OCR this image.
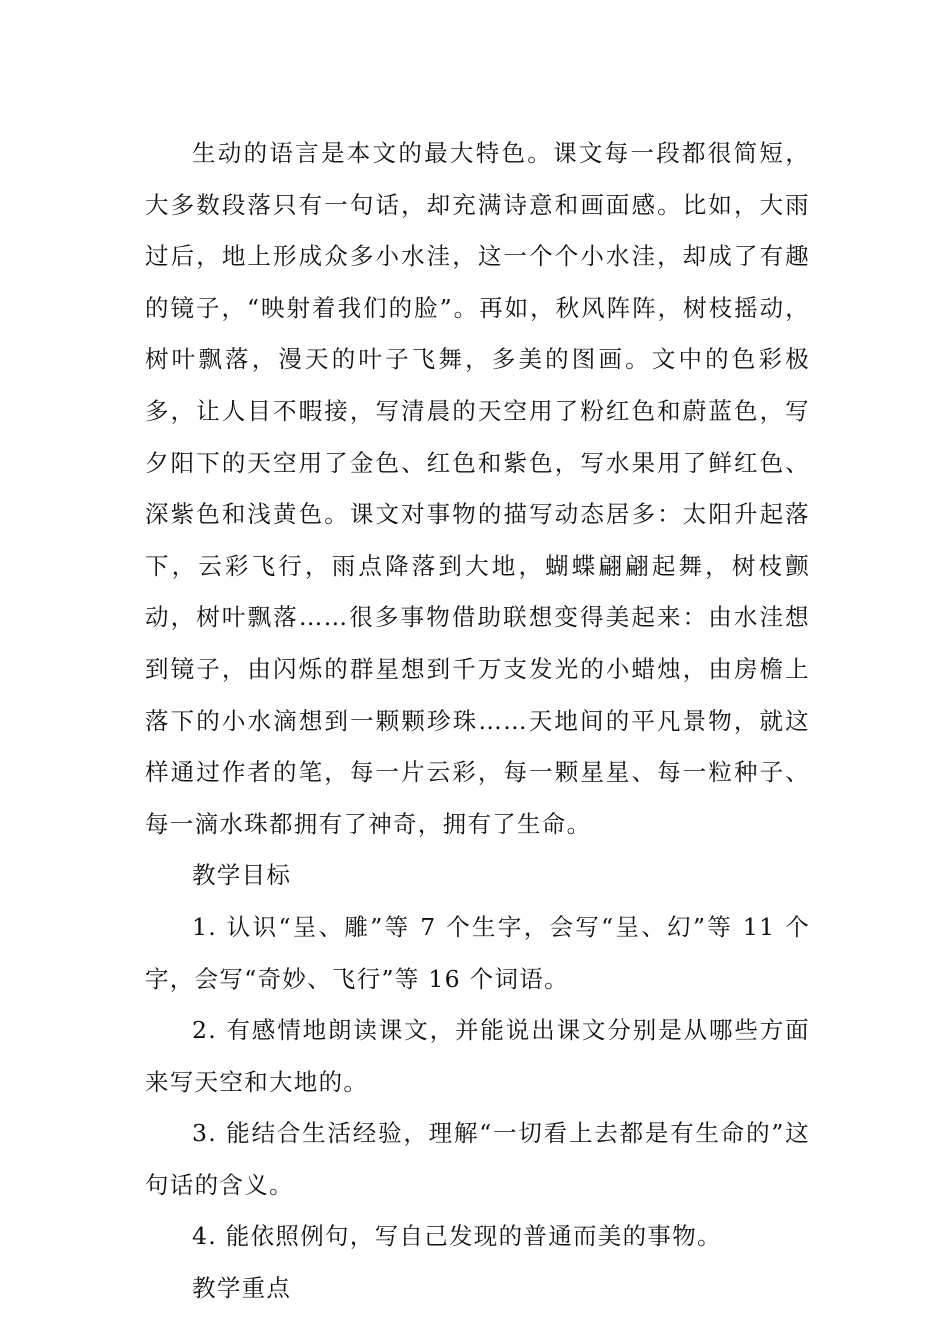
生动的语言是本文的最大特色。课文每一段都很简短，大多数段落只有一句话，却充满诗意和画面感。比如，大雨过后，地上形成众多小水洼，这一个个小水洼，却成了有趣的镜子，“映射着我们的脸”。再如，秋风阵阵，树枝摇动，树叶飘落，漫天的叶子飞舞，多美的图画。文中的色彩极多，让人目不暇接，写清晨的天空用了粉红色和蔚蓝色，写夕阳下的天空用了金色、红色和紫色，写水果用了鲜红色、深紫色和浅黄色。课文对事物的描写动态居多：太阳升起落下，云彩飞行，雨点降落到大地，蝴蝶翩翩起舞，树枝颤动，树叶飘落……很多事物借助联想变得美起来：由水洼想到镜子，由闪烁的群星想到千万支发光的小蜡烛，由房檐上落下的小水滴想到一颗颗珍珠……天地间的平凡景物，就这样通过作者的笔，每一片云彩，每一颗星星、每一粒种子、每一滴水珠都拥有了神奇，拥有了生命。

教学目标

1. 认识“呈、雕”等 7 个生字，会写“呈、幻”等 11 个字，会写“奇妙、飞行”等 16 个词语。

2. 有感情地朗读课文，并能说出课文分别是从哪些方面来写天空和大地的。

3. 能结合生活经验，理解“一切看上去都是有生命的”这句话的含义。

4. 能依照例句，写自己发现的普通而美的事物。

教学重点
